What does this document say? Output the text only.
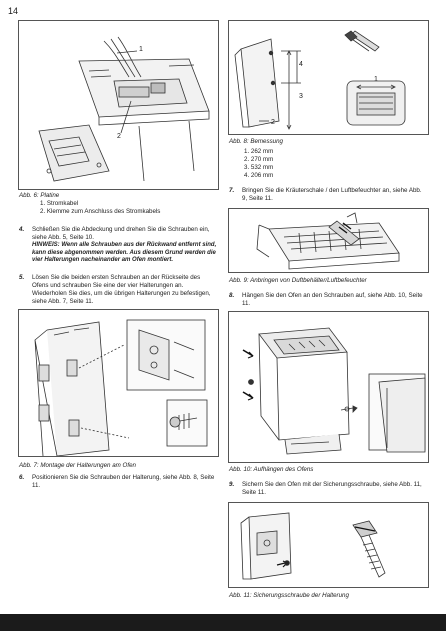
14
1
2
Abb. 6: Platine
1. Stromkabel
2. Klemme zum Anschluss des Stromkabels
4. Schließen Sie die Abdeckung und drehen Sie die Schrauben ein, siehe Abb. 5, Seite 10.
HINWEIS: Wenn alle Schrauben aus der Rückwand entfernt sind, kann diese abgenommen werden. Aus diesem Grund werden die vier Halterungen nacheinander am Ofen montiert.
5. Lösen Sie die beiden ersten Schrauben an der Rückseite des Ofens und schrauben Sie eine der vier Halterungen an. Wiederholen Sie dies, um die übrigen Halterungen zu befestigen, siehe Abb. 7, Seite 11.
Abb. 7: Montage der Halterungen am Ofen
6. Positionieren Sie die Schrauben der Halterung, siehe Abb. 8, Seite 11.
2
3
4
1
Abb. 8: Bemessung
1. 262 mm
2. 270 mm
3. 532 mm
4. 206 mm
7. Bringen Sie die Kräuterschale / den Luftbefeuchter an, siehe Abb. 9, Seite 11.
Abb. 9: Anbringen von Duftbehälter/Luftbefeuchter
8. Hängen Sie den Ofen an den Schrauben auf, siehe Abb. 10, Seite 11.
Abb. 10: Aufhängen des Ofens
9. Sichern Sie den Ofen mit der Sicherungsschraube, siehe Abb. 11, Seite 11.
Abb. 11: Sicherungsschraube der Halterung
